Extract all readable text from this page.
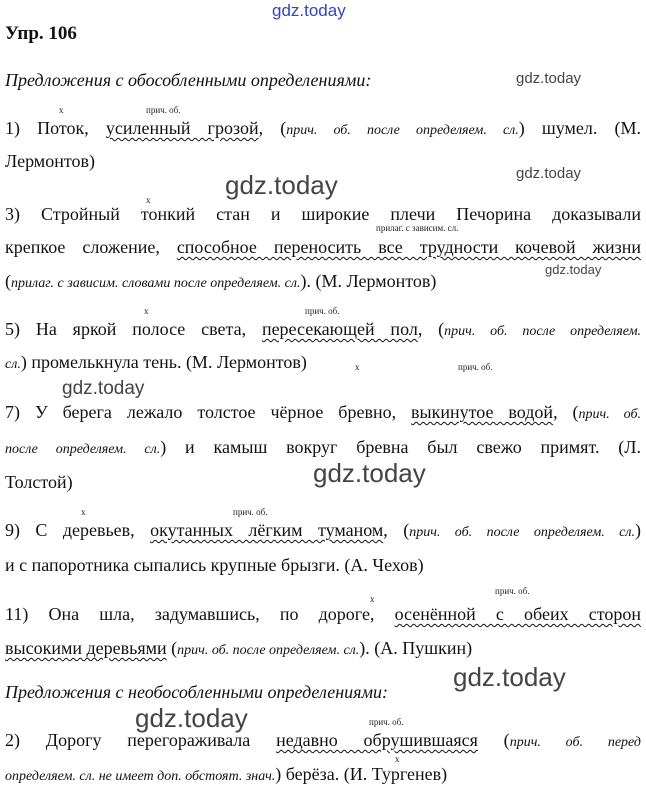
gdz.today
gdz.today
gdz.today
gdz.today
gdz.today
gdz.today
gdz.today
gdz.today
gdz.today
Упр. 106
Предложения с обособленными определениями:
x	прич. об.
1) Поток, усиленный грозой, (прич. об. после определяем. сл.) шумел. (М.
Лермонтов)
x
3) Стройный тонкий стан и широкие плечи Печорина доказывали
прилаг. с зависим. сл.
крепкое сложение, способное переносить все трудности кочевой жизни
(прилаг. с зависим. словами после определяем. сл.). (М. Лермонтов)
x	прич. об.
5) На яркой полосе света, пересекающей пол, (прич. об. после определяем.
сл.) промелькнула тень. (М. Лермонтов)	x	прич. об.
7) У берега лежало толстое чёрное бревно, выкинутое водой, (прич. об.
после определяем. сл.) и камыш вокруг бревна был свежо примят. (Л.
Толстой)
x	прич. об.
9) С деревьев, окутанных лёгким туманом, (прич. об. после определяем. сл.)
и с папоротника сыпались крупные брызги. (А. Чехов)
прич. об.
x
11) Она шла, задумавшись, по дороге, осенённой с обеих сторон
высокими деревьями (прич. об. после определяем. сл.). (А. Пушкин)
Предложения с необособленными определениями:
прич. об.
2) Дорогу перегораживала недавно обрушившаяся (прич. об. перед
x
определяем. сл. не имеет доп. обстоят. знач.) берёза. (И. Тургенев)
